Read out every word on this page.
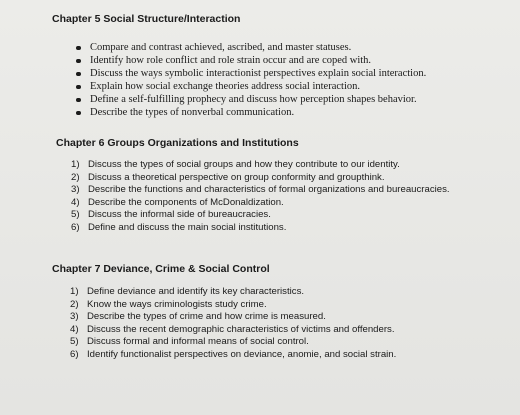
Chapter 5 Social Structure/Interaction
Compare and contrast achieved, ascribed, and master statuses.
Identify how role conflict and role strain occur and are coped with.
Discuss the ways symbolic interactionist perspectives explain social interaction.
Explain how social exchange theories address social interaction.
Define a self-fulfilling prophecy and discuss how perception shapes behavior.
Describe the types of nonverbal communication.
Chapter 6 Groups Organizations and Institutions
1) Discuss the types of social groups and how they contribute to our identity.
2) Discuss a theoretical perspective on group conformity and groupthink.
3) Describe the functions and characteristics of formal organizations and bureaucracies.
4) Describe the components of McDonaldization.
5) Discuss the informal side of bureaucracies.
6) Define and discuss the main social institutions.
Chapter 7 Deviance, Crime & Social Control
1) Define deviance and identify its key characteristics.
2) Know the ways criminologists study crime.
3) Describe the types of crime and how crime is measured.
4) Discuss the recent demographic characteristics of victims and offenders.
5) Discuss formal and informal means of social control.
6) Identify functionalist perspectives on deviance, anomie, and social strain.
